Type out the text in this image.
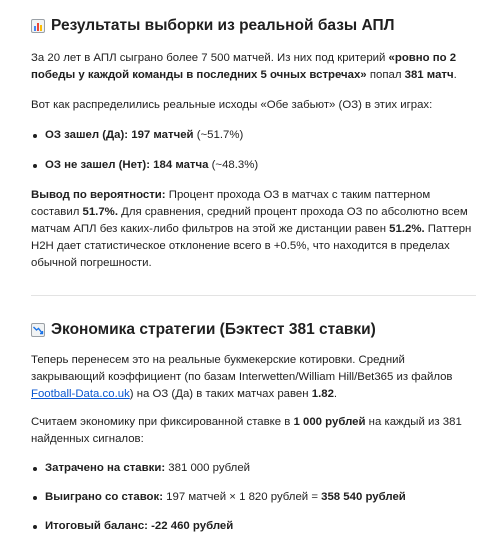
Результаты выборки из реальной базы АПЛ

За 20 лет в АПЛ сыграно более 7 500 матчей. Из них под критерий «ровно по 2 победы у каждой команды в последних 5 очных встречах» попал 381 матч.

Вот как распределились реальные исходы «Обе забьют» (ОЗ) в этих играх:

ОЗ зашел (Да): 197 матчей (~51.7%)
ОЗ не зашел (Нет): 184 матча (~48.3%)

Вывод по вероятности: Процент прохода ОЗ в матчах с таким паттерном составил 51.7%. Для сравнения, средний процент прохода ОЗ по абсолютно всем матчам АПЛ без каких-либо фильтров на этой же дистанции равен 51.2%. Паттерн H2H дает статистическое отклонение всего в +0.5%, что находится в пределах обычной погрешности.

Экономика стратегии (Бэктест 381 ставки)

Теперь перенесем это на реальные букмекерские котировки. Средний закрывающий коэффициент (по базам Interwetten/William Hill/Bet365 из файлов Football-Data.co.uk) на ОЗ (Да) в таких матчах равен 1.82.

Считаем экономику при фиксированной ставке в 1 000 рублей на каждый из 381 найденных сигналов:

Затрачено на ставки: 381 000 рублей
Выиграно со ставок: 197 матчей × 1 820 рублей = 358 540 рублей
Итоговый баланс: -22 460 рублей
